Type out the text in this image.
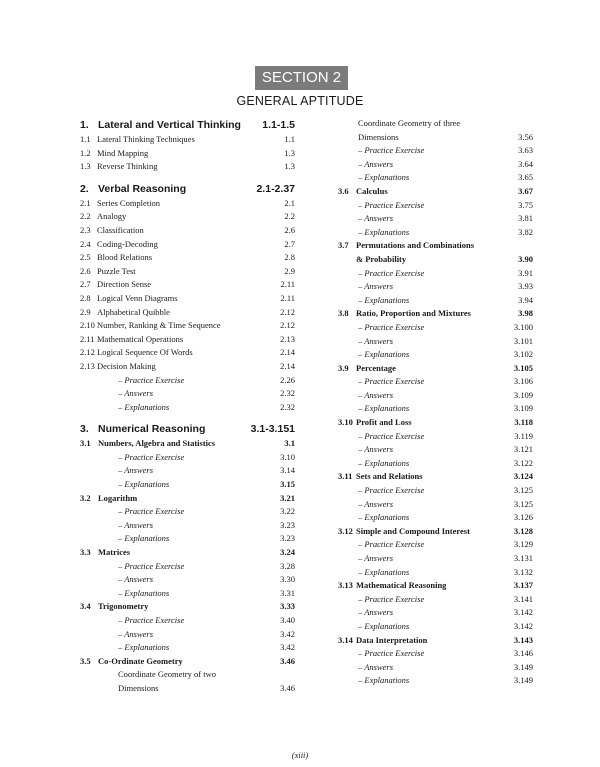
SECTION 2
GENERAL APTITUDE
1. Lateral and Vertical Thinking 1.1-1.5
1.1 Lateral Thinking Techniques	1.1
1.2 Mind Mapping	1.3
1.3 Reverse Thinking	1.3
2. Verbal Reasoning	2.1-2.37
2.1 Series Completion	2.1
2.2 Analogy	2.2
2.3 Classification	2.6
2.4 Coding-Decoding	2.7
2.5 Blood Relations	2.8
2.6 Puzzle Test	2.9
2.7 Direction Sense	2.11
2.8 Logical Venn Diagrams	2.11
2.9 Alphabetical Quibble	2.12
2.10 Number, Ranking & Time Sequence	2.12
2.11 Mathematical Operations	2.13
2.12 Logical Sequence Of Words	2.14
2.13 Decision Making	2.14
– Practice Exercise	2.26
– Answers	2.32
– Explanations	2.32
3. Numerical Reasoning	3.1-3.151
3.1 Numbers, Algebra and Statistics	3.1
– Practice Exercise	3.10
– Answers	3.14
– Explanations	3.15
3.2 Logarithm	3.21
– Practice Exercise	3.22
– Answers	3.23
– Explanations	3.23
3.3 Matrices	3.24
– Practice Exercise	3.28
– Answers	3.30
– Explanations	3.31
3.4 Trigonometry	3.33
– Practice Exercise	3.40
– Answers	3.42
– Explanations	3.42
3.5 Co-Ordinate Geometry	3.46
Coordinate Geometry of two
Dimensions	3.46
Coordinate Geometry of three
Dimensions	3.56
– Practice Exercise	3.63
– Answers	3.64
– Explanations	3.65
3.6 Calculus	3.67
– Practice Exercise	3.75
– Answers	3.81
– Explanations	3.82
3.7 Permutations and Combinations
& Probability	3.90
– Practice Exercise	3.91
– Answers	3.93
– Explanations	3.94
3.8 Ratio, Proportion and Mixtures	3.98
– Practice Exercise	3.100
– Answers	3.101
– Explanations	3.102
3.9 Percentage	3.105
– Practice Exercise	3.106
– Answers	3.109
– Explanations	3.109
3.10 Profit and Loss	3.118
– Practice Exercise	3.119
– Answers	3.121
– Explanations	3.122
3.11 Sets and Relations	3.124
– Practice Exercise	3.125
– Answers	3.125
– Explanations	3.126
3.12 Simple and Compound Interest	3.128
– Practice Exercise	3.129
– Answers	3.131
– Explanations	3.132
3.13 Mathematical Reasoning	3.137
– Practice Exercise	3.141
– Answers	3.142
– Explanations	3.142
3.14 Data Interpretation	3.143
– Practice Exercise	3.146
– Answers	3.149
– Explanations	3.149
(xiii)
